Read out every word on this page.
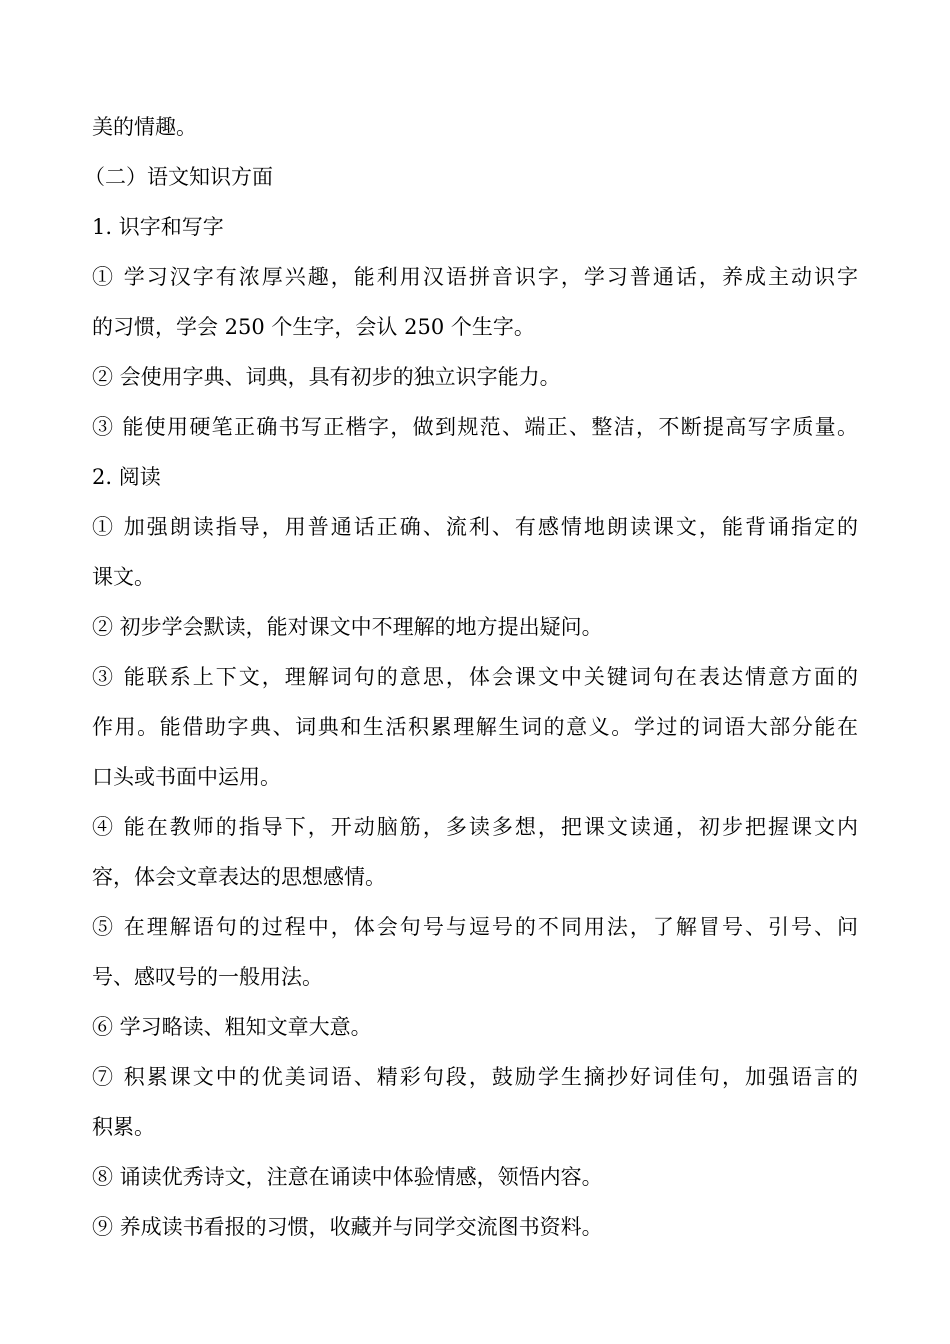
美的情趣。
（二）语文知识方面
1. 识字和写字
① 学习汉字有浓厚兴趣，能利用汉语拼音识字，学习普通话，养成主动识字
的习惯，学会 250 个生字，会认 250 个生字。
② 会使用字典、词典，具有初步的独立识字能力。
③ 能使用硬笔正确书写正楷字，做到规范、端正、整洁，不断提高写字质量。
2. 阅读
① 加强朗读指导，用普通话正确、流利、有感情地朗读课文，能背诵指定的
课文。
② 初步学会默读，能对课文中不理解的地方提出疑问。
③ 能联系上下文，理解词句的意思，体会课文中关键词句在表达情意方面的
作用。能借助字典、词典和生活积累理解生词的意义。学过的词语大部分能在
口头或书面中运用。
④ 能在教师的指导下，开动脑筋，多读多想，把课文读通，初步把握课文内
容，体会文章表达的思想感情。
⑤ 在理解语句的过程中，体会句号与逗号的不同用法，了解冒号、引号、问
号、感叹号的一般用法。
⑥ 学习略读、粗知文章大意。
⑦ 积累课文中的优美词语、精彩句段，鼓励学生摘抄好词佳句，加强语言的
积累。
⑧ 诵读优秀诗文，注意在诵读中体验情感，领悟内容。
⑨ 养成读书看报的习惯，收藏并与同学交流图书资料。
